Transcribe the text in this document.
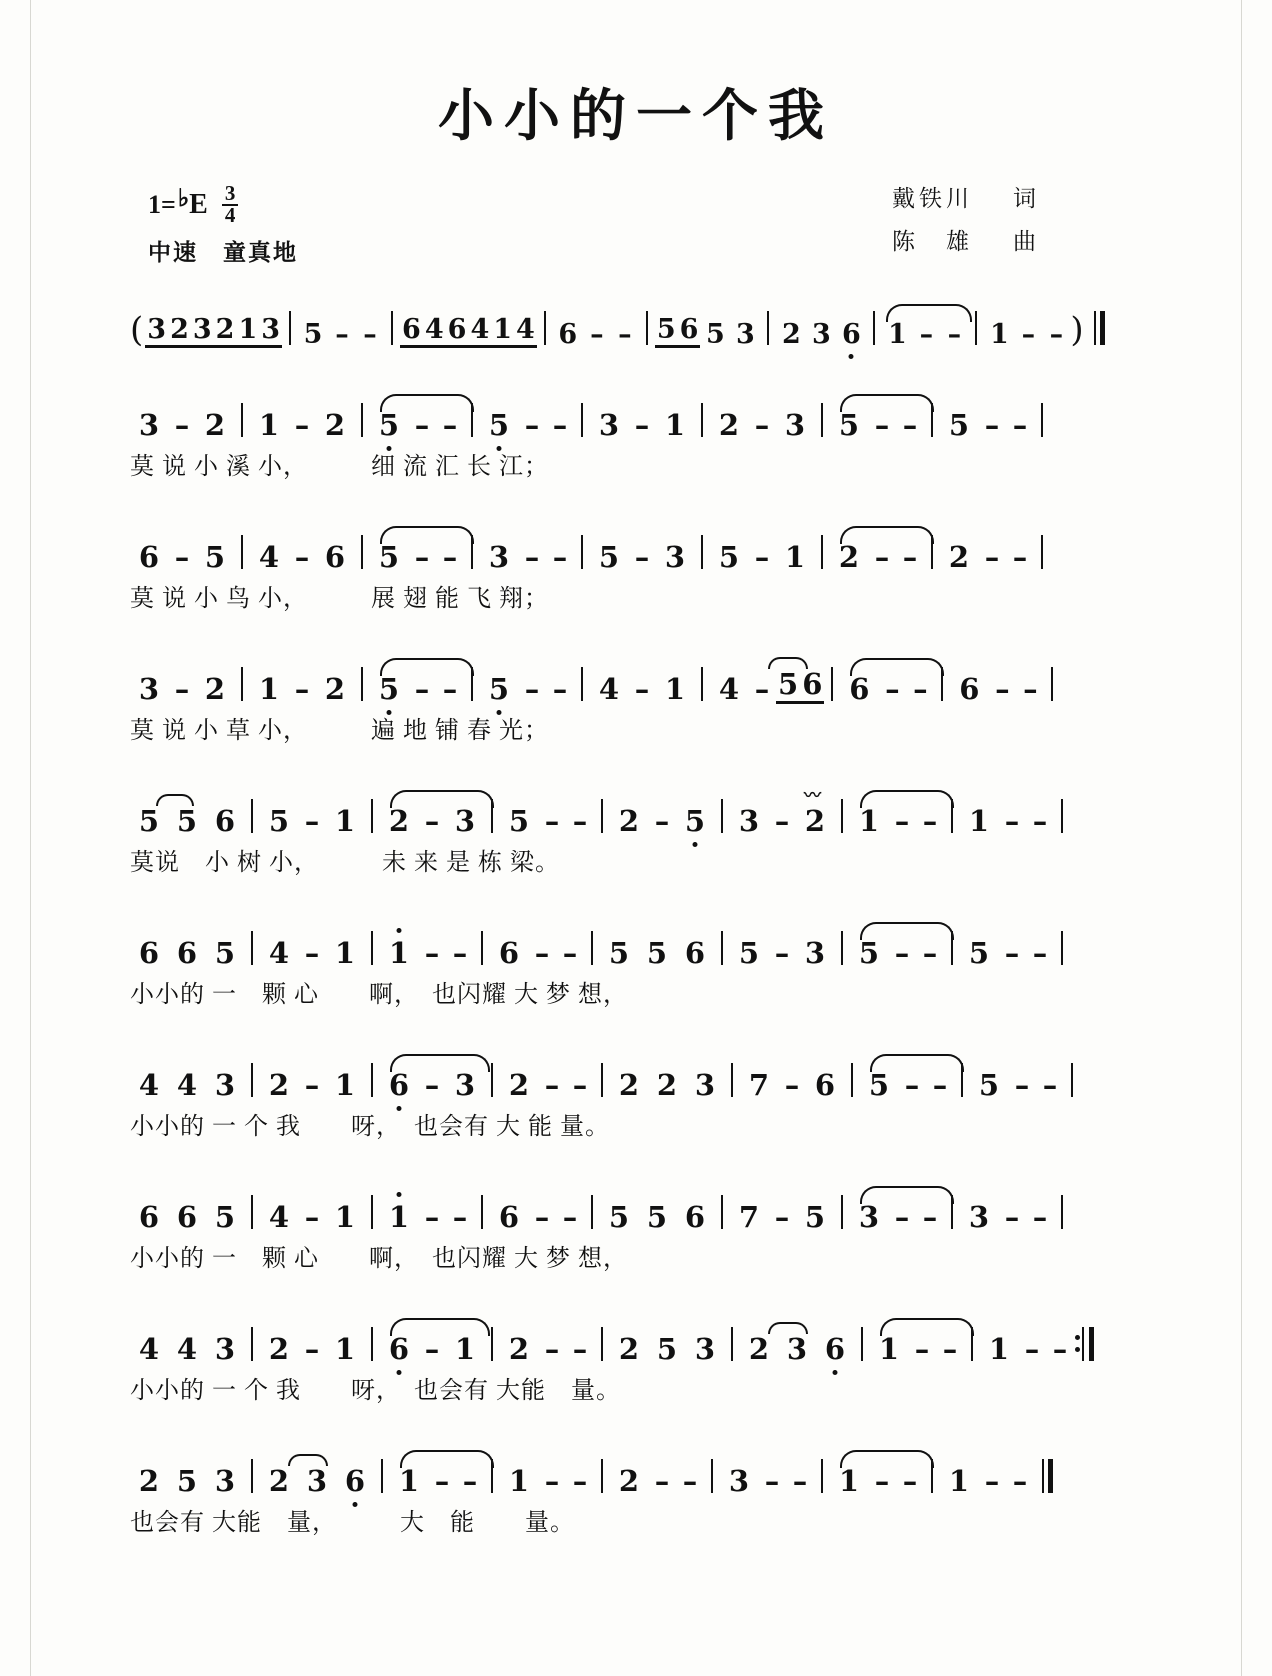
小小的一个我
1= ♭ E $\frac{3}{4}$
中速　童真地
戴铁川 词
陈　雄 曲
( 3 2 3 2 1 3 5 – – 6 4 6 4 1 4 6 – – 5 6 5 3 2 3 6 1 – – 1 – – )
3 – 2	1 – 2	5 – –	5 – –	3 – 1	2 – 3	5 – –	5 – –
莫 说 小 溪 小，　　　细 流 汇 长 江；
6 – 5	4 – 6	5 – –	3 – –	5 – 3	5 – 1	2 – –	2 – –
莫 说 小 鸟 小，　　　展 翅 能 飞 翔；
3 – 2	1 – 2	5 – –	5 – –	4 – 1	4 – 5 6 6 – –	6 – –
莫 说 小 草 小，　　　遍 地 铺 春 光；
5 5 6	5 – 1	2 – 3	5 – –	2 – 5
〰
3 – 2	1 – –	1 – –
莫说　小 树 小，　　　未 来 是 栋 梁。
6 6 5	4 – 1	1 – –	6 – –	5 5 6	5 – 3	5 – –	5 – –
小小的 一　颗 心　　啊，　也闪耀 大 梦 想，
4 4 3	2 – 1	6 – 3	2 – –	2 2 3	7 – 6	5 – –	5 – –
小小的 一 个 我　　呀，　也会有 大 能 量。
6 6 5	4 – 1	1 – –	6 – –	5 5 6	7 – 5	3 – –	3 – –
小小的 一　颗 心　　啊，　也闪耀 大 梦 想，
4 4 3	2 – 1	6 – 1	2 – –	2 5 3	2 3 6	1 – –	1 – –
小小的 一 个 我　　呀，　也会有 大能　量。
2 5 3	2 3 6	1 – –	1 – –	2 – –	3 – –	1 – –	1 – –
也会有 大能　量，　　　大　能　　量。
